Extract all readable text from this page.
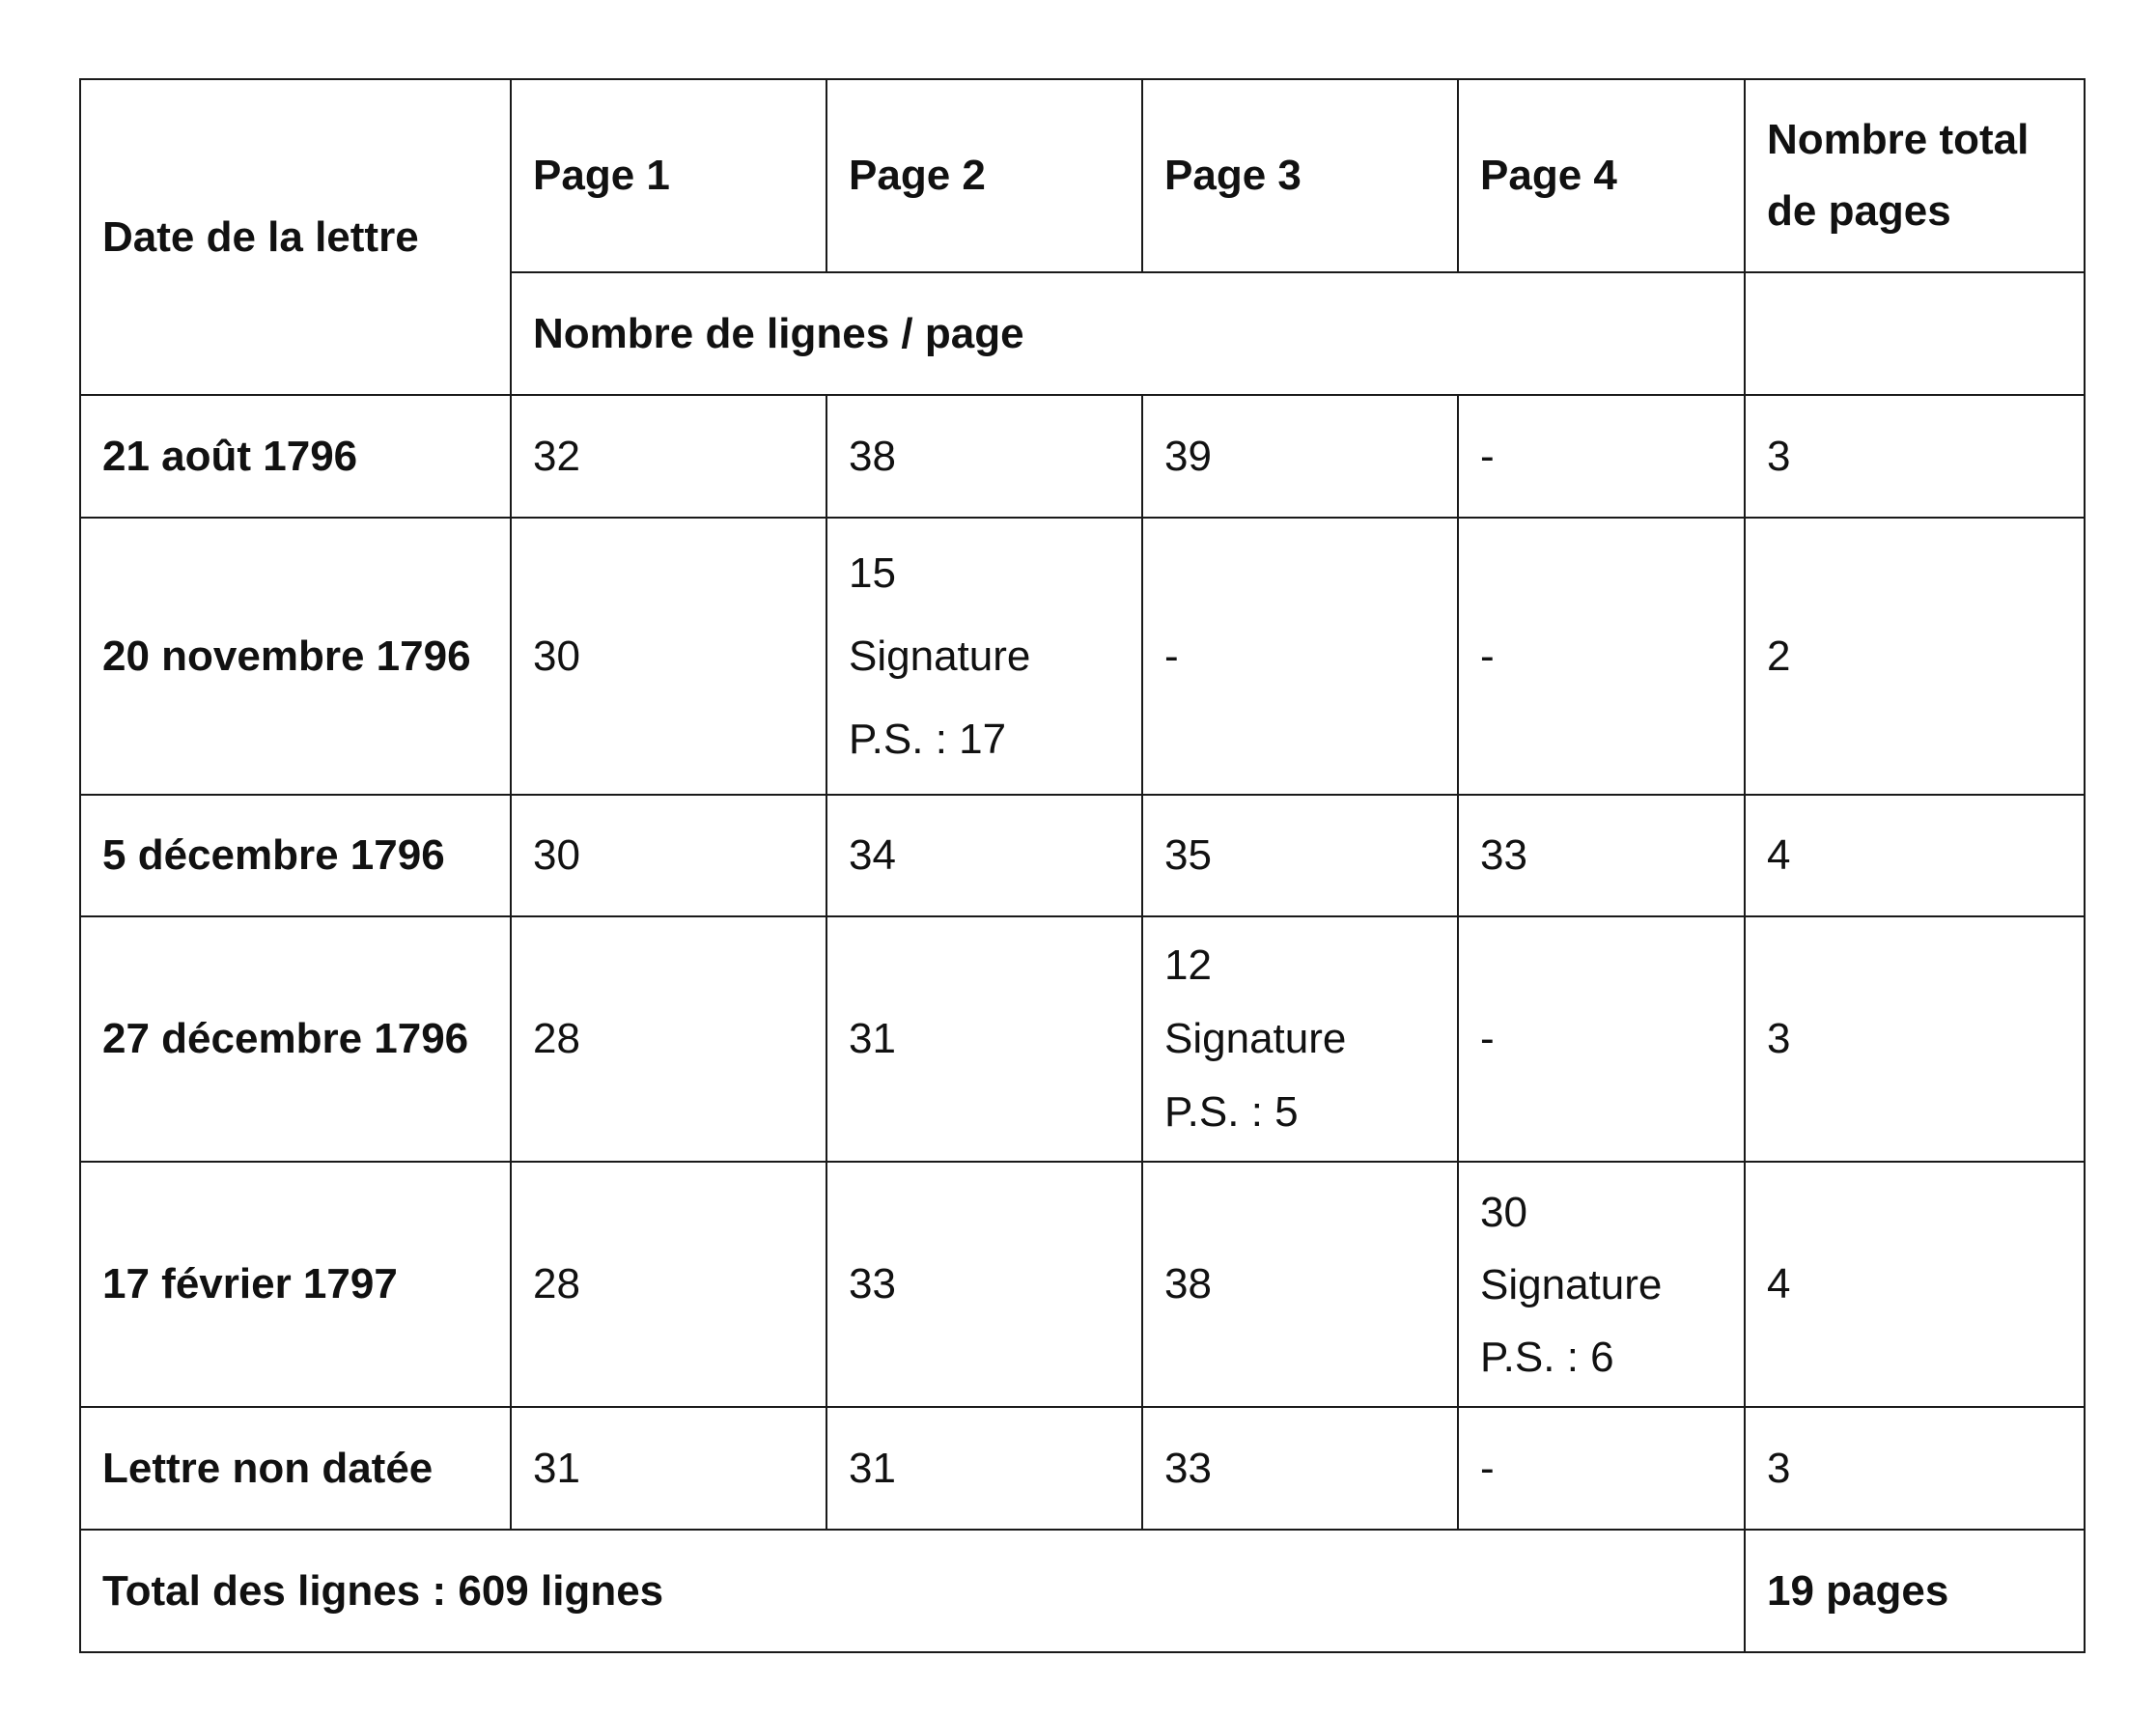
Date de la lettre	Page 1	Page 2	Page 3	Page 4	Nombre total de pages
	Nombre de lignes / page				
21 août 1796	32	38	39	-	3
20 novembre 1796	30	15
Signature
P.S. : 17	-	-	2
5 décembre 1796	30	34	35	33	4
27 décembre 1796	28	31	12
Signature
P.S. : 5	-	3
17 février 1797	28	33	38	30
Signature
P.S. : 6	4
Lettre non datée	31	31	33	-	3
Total des lignes : 609 lignes					19 pages
